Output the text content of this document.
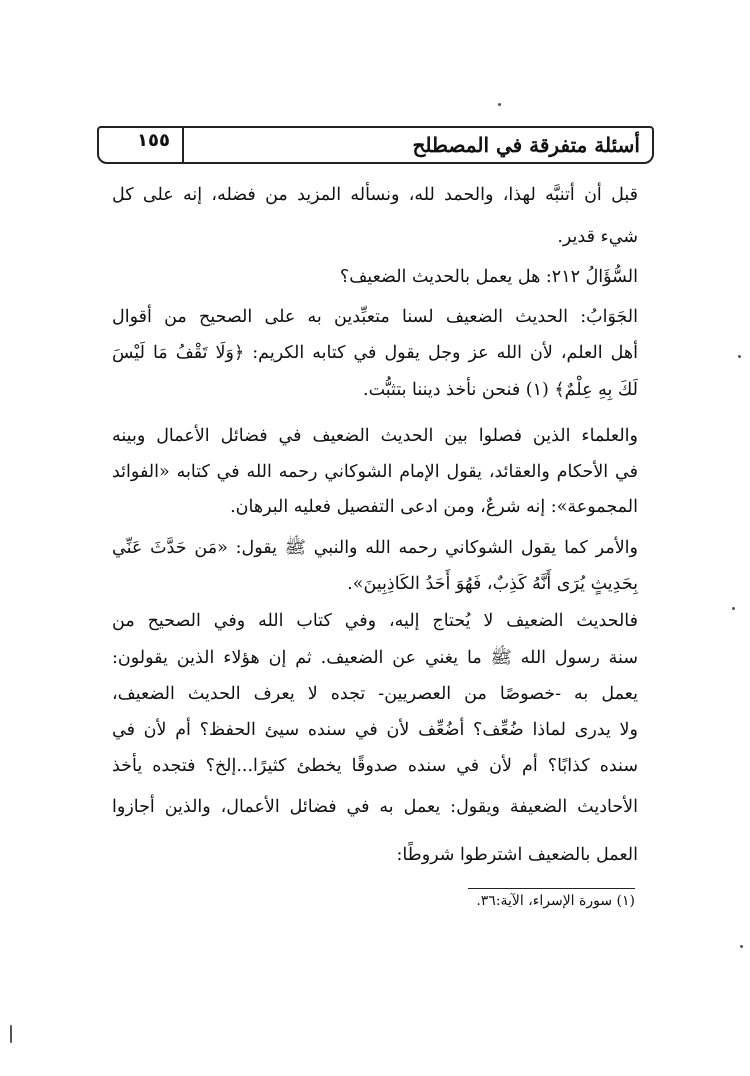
١٥٥	أسئلة متفرقة في المصطلح
قبل أن أتنبَّه لهذا، والحمد لله، ونسأله المزيد من فضله، إنه على كل
شيء قدير.
السُّؤَالُ ٢١٢: هل يعمل بالحديث الضعيف؟
الجَوَابُ: الحديث الضعيف لسنا متعبِّدين به على الصحيح من أقوال
أهل العلم، لأن الله عز وجل يقول في كتابه الكريم: ﴿وَلَا تَقْفُ مَا لَيْسَ
لَكَ بِهِ عِلْمٌ﴾ (١) فنحن نأخذ ديننا بتثبُّت.
والعلماء الذين فصلوا بين الحديث الضعيف في فضائل الأعمال وبينه
في الأحكام والعقائد، يقول الإمام الشوكاني رحمه الله في كتابه «الفوائد
المجموعة»: إنه شرعٌ، ومن ادعى التفصيل فعليه البرهان.
والأمر كما يقول الشوكاني رحمه الله والنبي ﷺ يقول: «مَن حَدَّثَ عَنِّي
بِحَدِيثٍ يُرَى أَنَّهُ كَذِبٌ، فَهُوَ أَحَدُ الكَاذِبِينَ».
فالحديث الضعيف لا يُحتاج إليه، وفي كتاب الله وفي الصحيح من
سنة رسول الله ﷺ ما يغني عن الضعيف. ثم إن هؤلاء الذين يقولون:
يعمل به -خصوصًا من العصريين- تجده لا يعرف الحديث الضعيف،
ولا يدرى لماذا ضُعِّف؟ أضُعِّف لأن في سنده سيئ الحفظ؟ أم لأن في
سنده كذابًا؟ أم لأن في سنده صدوقًا يخطئ كثيرًا...إلخ؟ فتجده يأخذ
الأحاديث الضعيفة ويقول: يعمل به في فضائل الأعمال، والذين أجازوا
العمل بالضعيف اشترطوا شروطًا:
(١) سورة الإسراء، الآية:٣٦.
